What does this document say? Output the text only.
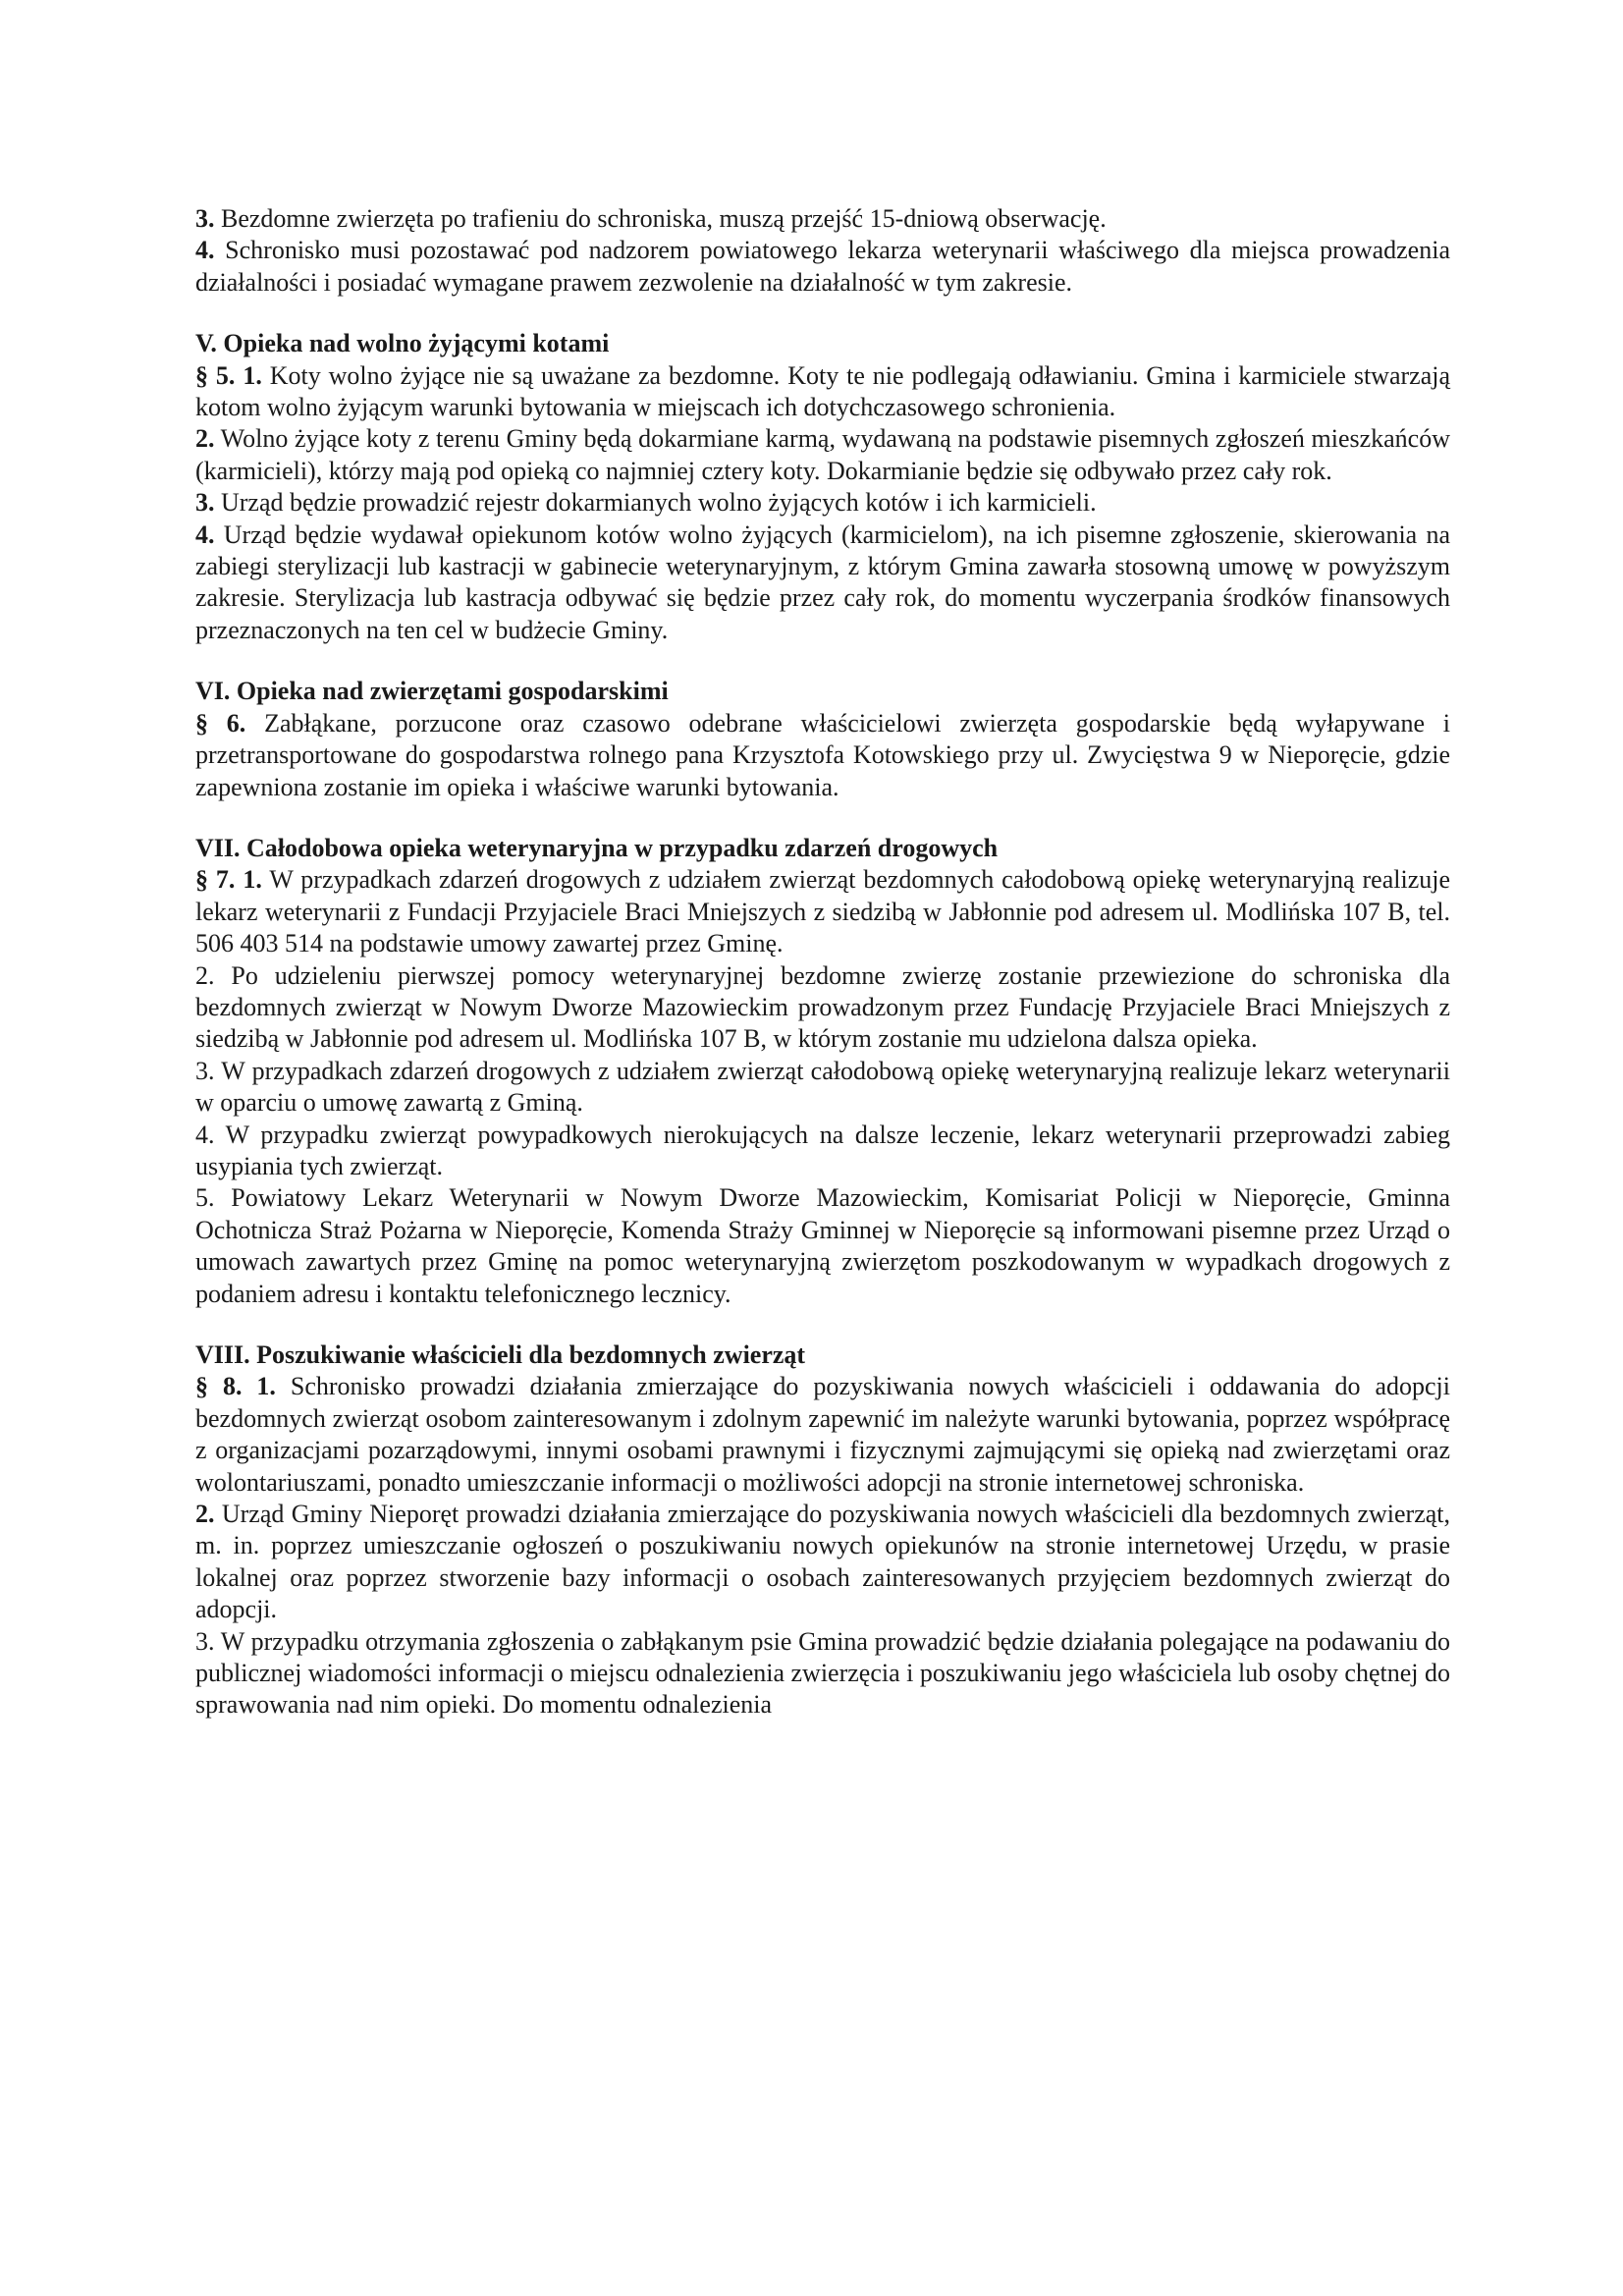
3. Bezdomne zwierzęta po trafieniu do schroniska, muszą przejść 15-dniową obserwację.

4. Schronisko musi pozostawać pod nadzorem powiatowego lekarza weterynarii właściwego dla miejsca prowadzenia działalności i posiadać wymagane prawem zezwolenie na działalność w tym zakresie.

V. Opieka nad wolno żyjącymi kotami

§ 5. 1. Koty wolno żyjące nie są uważane za bezdomne. Koty te nie podlegają odławianiu. Gmina i karmiciele stwarzają kotom wolno żyjącym warunki bytowania w miejscach ich dotychczasowego schronienia.

2. Wolno żyjące koty z terenu Gminy będą dokarmiane karmą, wydawaną na podstawie pisemnych zgłoszeń mieszkańców (karmicieli), którzy mają pod opieką co najmniej cztery koty. Dokarmianie będzie się odbywało przez cały rok.

3. Urząd będzie prowadzić rejestr dokarmianych wolno żyjących kotów i ich karmicieli.

4. Urząd będzie wydawał opiekunom kotów wolno żyjących (karmicielom), na ich pisemne zgłoszenie, skierowania na zabiegi sterylizacji lub kastracji w gabinecie weterynaryjnym, z którym Gmina zawarła stosowną umowę w powyższym zakresie. Sterylizacja lub kastracja odbywać się będzie przez cały rok, do momentu wyczerpania środków finansowych przeznaczonych na ten cel w budżecie Gminy.

VI. Opieka nad zwierzętami gospodarskimi

§ 6. Zabłąkane, porzucone oraz czasowo odebrane właścicielowi zwierzęta gospodarskie będą wyłapywane i przetransportowane do gospodarstwa rolnego pana Krzysztofa Kotowskiego przy ul. Zwycięstwa 9 w Nieporęcie, gdzie zapewniona zostanie im opieka i właściwe warunki bytowania.

VII. Całodobowa opieka weterynaryjna w przypadku zdarzeń drogowych

§ 7. 1. W przypadkach zdarzeń drogowych z udziałem zwierząt bezdomnych całodobową opiekę weterynaryjną realizuje lekarz weterynarii z Fundacji Przyjaciele Braci Mniejszych z siedzibą w Jabłonnie pod adresem ul. Modlińska 107 B, tel. 506 403 514 na podstawie umowy zawartej przez Gminę.

2. Po udzieleniu pierwszej pomocy weterynaryjnej bezdomne zwierzę zostanie przewiezione do schroniska dla bezdomnych zwierząt w Nowym Dworze Mazowieckim prowadzonym przez Fundację Przyjaciele Braci Mniejszych z siedzibą w Jabłonnie pod adresem ul. Modlińska 107 B, w którym zostanie mu udzielona dalsza opieka.

3. W przypadkach zdarzeń drogowych z udziałem zwierząt całodobową opiekę weterynaryjną realizuje lekarz weterynarii w oparciu o umowę zawartą z Gminą.

4. W przypadku zwierząt powypadkowych nierokujących na dalsze leczenie, lekarz weterynarii przeprowadzi zabieg usypiania tych zwierząt.

5. Powiatowy Lekarz Weterynarii w Nowym Dworze Mazowieckim, Komisariat Policji w Nieporęcie, Gminna Ochotnicza Straż Pożarna w Nieporęcie, Komenda Straży Gminnej w Nieporęcie są informowani pisemne przez Urząd o umowach zawartych przez Gminę na pomoc weterynaryjną zwierzętom poszkodowanym w wypadkach drogowych z podaniem adresu i kontaktu telefonicznego lecznicy.

VIII. Poszukiwanie właścicieli dla bezdomnych zwierząt

§ 8. 1. Schronisko prowadzi działania zmierzające do pozyskiwania nowych właścicieli i oddawania do adopcji bezdomnych zwierząt osobom zainteresowanym i zdolnym zapewnić im należyte warunki bytowania, poprzez współpracę z organizacjami pozarządowymi, innymi osobami prawnymi i fizycznymi zajmującymi się opieką nad zwierzętami oraz wolontariuszami, ponadto umieszczanie informacji o możliwości adopcji na stronie internetowej schroniska.

2. Urząd Gminy Nieporęt prowadzi działania zmierzające do pozyskiwania nowych właścicieli dla bezdomnych zwierząt, m. in. poprzez umieszczanie ogłoszeń o poszukiwaniu nowych opiekunów na stronie internetowej Urzędu, w prasie lokalnej oraz poprzez stworzenie bazy informacji o osobach zainteresowanych przyjęciem bezdomnych zwierząt do adopcji.

3. W przypadku otrzymania zgłoszenia o zabłąkanym psie Gmina prowadzić będzie działania polegające na podawaniu do publicznej wiadomości informacji o miejscu odnalezienia zwierzęcia i poszukiwaniu jego właściciela lub osoby chętnej do sprawowania nad nim opieki. Do momentu odnalezienia
